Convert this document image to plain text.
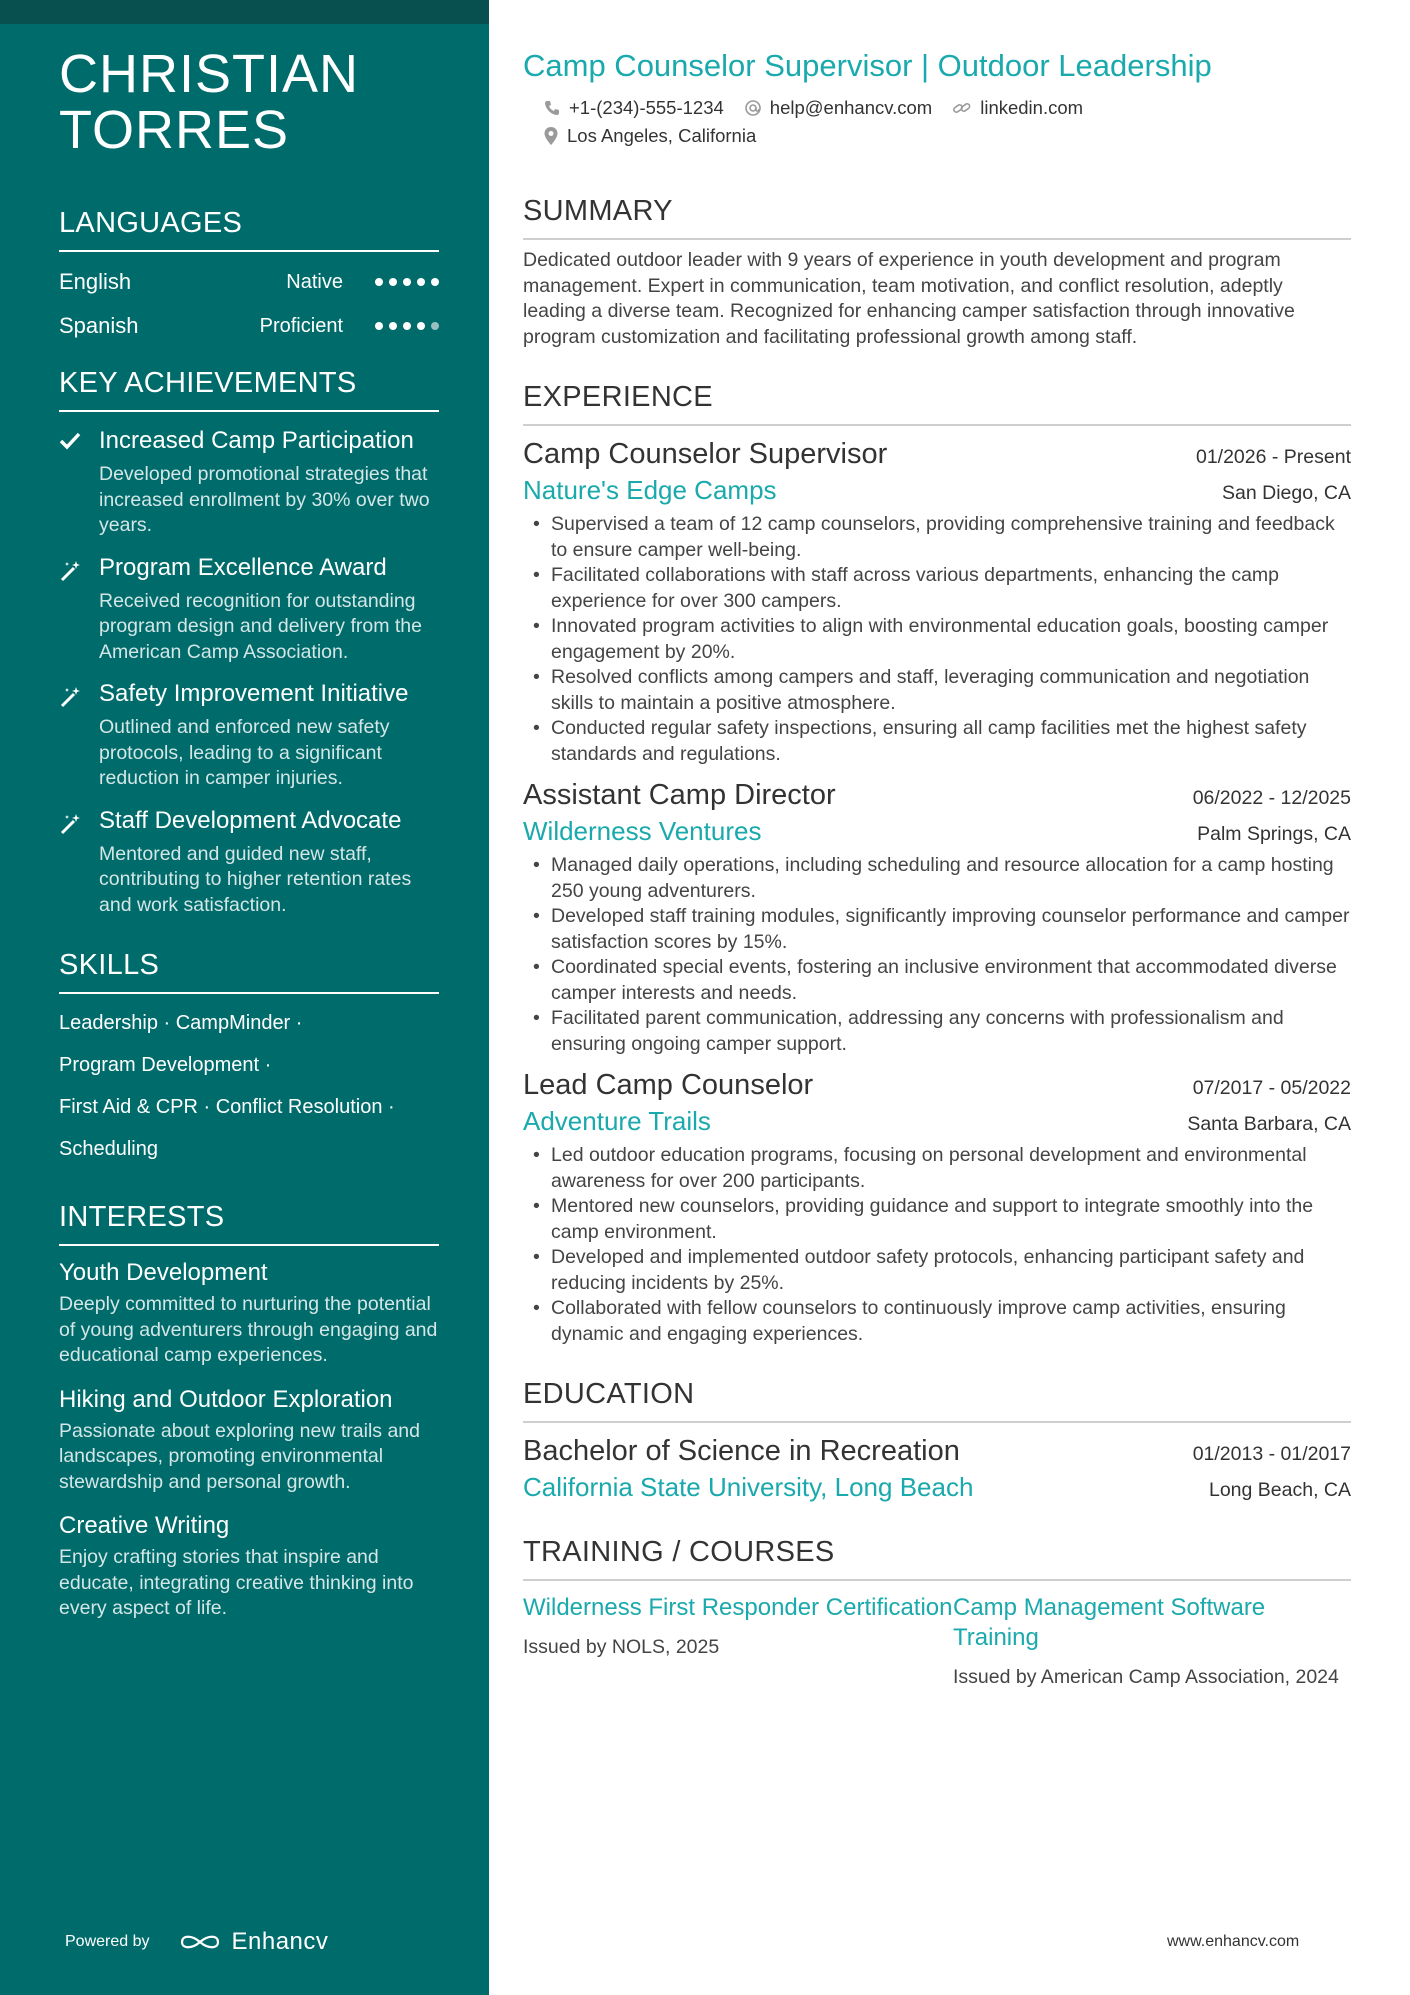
CHRISTIAN
TORRES
LANGUAGES
English	Native
Spanish	Proficient
KEY ACHIEVEMENTS
Increased Camp Participation
Developed promotional strategies that increased enrollment by 30% over two years.
Program Excellence Award
Received recognition for outstanding program design and delivery from the American Camp Association.
Safety Improvement Initiative
Outlined and enforced new safety protocols, leading to a significant reduction in camper injuries.
Staff Development Advocate
Mentored and guided new staff, contributing to higher retention rates and work satisfaction.
SKILLS
Leadership · CampMinder ·
Program Development ·
First Aid & CPR · Conflict Resolution ·
Scheduling
INTERESTS
Youth Development
Deeply committed to nurturing the potential of young adventurers through engaging and educational camp experiences.
Hiking and Outdoor Exploration
Passionate about exploring new trails and landscapes, promoting environmental stewardship and personal growth.
Creative Writing
Enjoy crafting stories that inspire and educate, integrating creative thinking into every aspect of life.
Powered by	Enhancv
Camp Counselor Supervisor | Outdoor Leadership
+1-(234)-555-1234 help@enhancv.com	linkedin.com
Los Angeles, California
SUMMARY
Dedicated outdoor leader with 9 years of experience in youth development and program management. Expert in communication, team motivation, and conflict resolution, adeptly leading a diverse team. Recognized for enhancing camper satisfaction through innovative program customization and facilitating professional growth among staff.
EXPERIENCE
Camp Counselor Supervisor	01/2026 - Present
Nature's Edge Camps	San Diego, CA
• Supervised a team of 12 camp counselors, providing comprehensive training and feedback to ensure camper well-being.
• Facilitated collaborations with staff across various departments, enhancing the camp experience for over 300 campers.
• Innovated program activities to align with environmental education goals, boosting camper engagement by 20%.
• Resolved conflicts among campers and staff, leveraging communication and negotiation skills to maintain a positive atmosphere.
• Conducted regular safety inspections, ensuring all camp facilities met the highest safety standards and regulations.
Assistant Camp Director	06/2022 - 12/2025
Wilderness Ventures	Palm Springs, CA
• Managed daily operations, including scheduling and resource allocation for a camp hosting 250 young adventurers.
• Developed staff training modules, significantly improving counselor performance and camper satisfaction scores by 15%.
• Coordinated special events, fostering an inclusive environment that accommodated diverse camper interests and needs.
• Facilitated parent communication, addressing any concerns with professionalism and ensuring ongoing camper support.
Lead Camp Counselor	07/2017 - 05/2022
Adventure Trails	Santa Barbara, CA
• Led outdoor education programs, focusing on personal development and environmental awareness for over 200 participants.
• Mentored new counselors, providing guidance and support to integrate smoothly into the camp environment.
• Developed and implemented outdoor safety protocols, enhancing participant safety and reducing incidents by 25%.
• Collaborated with fellow counselors to continuously improve camp activities, ensuring dynamic and engaging experiences.
EDUCATION
Bachelor of Science in Recreation	01/2013 - 01/2017
California State University, Long Beach	Long Beach, CA
TRAINING / COURSES
Wilderness First Responder Certification
Issued by NOLS, 2025
Camp Management Software Training
Issued by American Camp Association, 2024
www.enhancv.com
